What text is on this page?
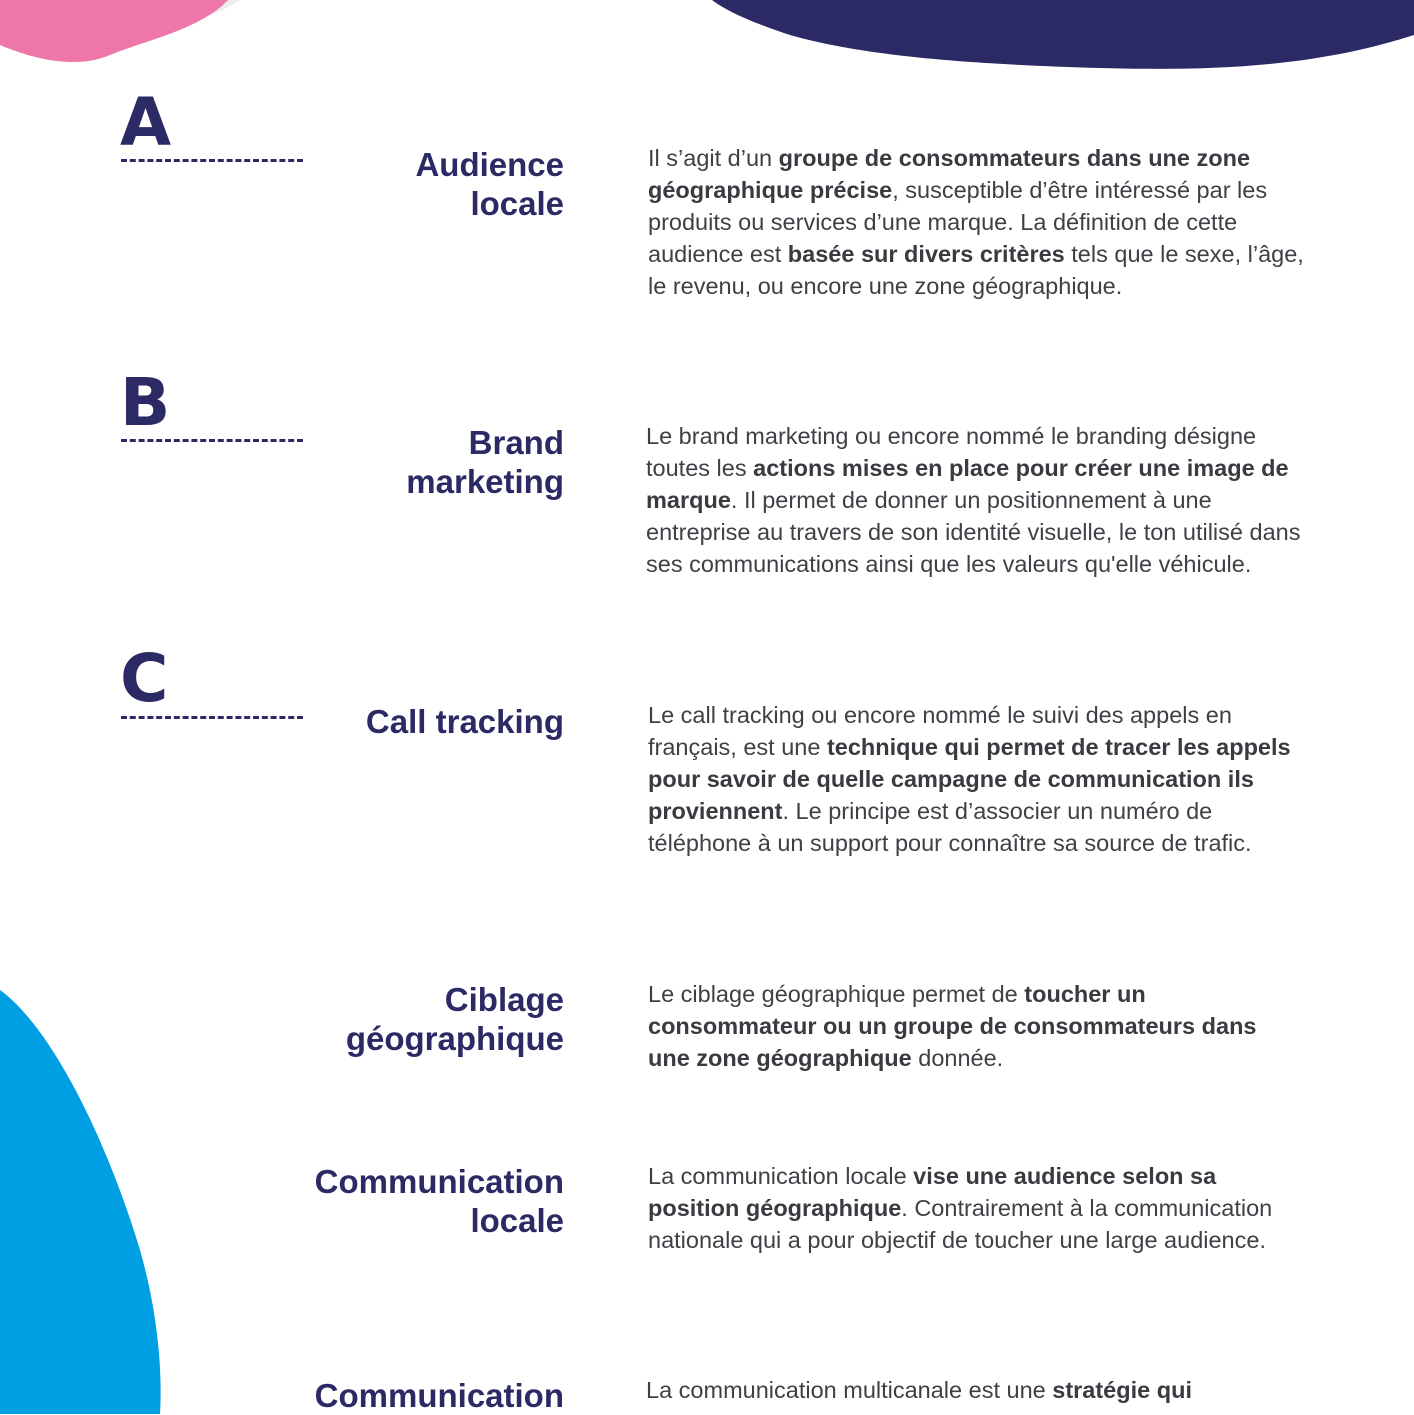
A
B
C
Audience
locale
Il s’agit d’un groupe de consommateurs dans une zone géographique précise, susceptible d’être intéressé par les produits ou services d’une marque. La définition de cette audience est basée sur divers critères tels que le sexe, l’âge, le revenu, ou encore une zone géographique.
Brand
marketing
Le brand marketing ou encore nommé le branding désigne toutes les actions mises en place pour créer une image de marque. Il permet de donner un positionnement à une entreprise au travers de son identité visuelle, le ton utilisé dans ses communications ainsi que les valeurs qu'elle véhicule.
Call tracking	Le call tracking ou encore nommé le suivi des appels en français, est une technique qui permet de tracer les appels pour savoir de quelle campagne de communication ils proviennent. Le principe est d’associer un numéro de téléphone à un support pour connaître sa source de trafic.
Ciblage
géographique
Le ciblage géographique permet de toucher un consommateur ou un groupe de consommateurs dans une zone géographique donnée.
Communication
locale
La communication locale vise une audience selon sa position géographique. Contrairement à la communication nationale qui a pour objectif de toucher une large audience.
Communication	La communication multicanale est une stratégie qui
